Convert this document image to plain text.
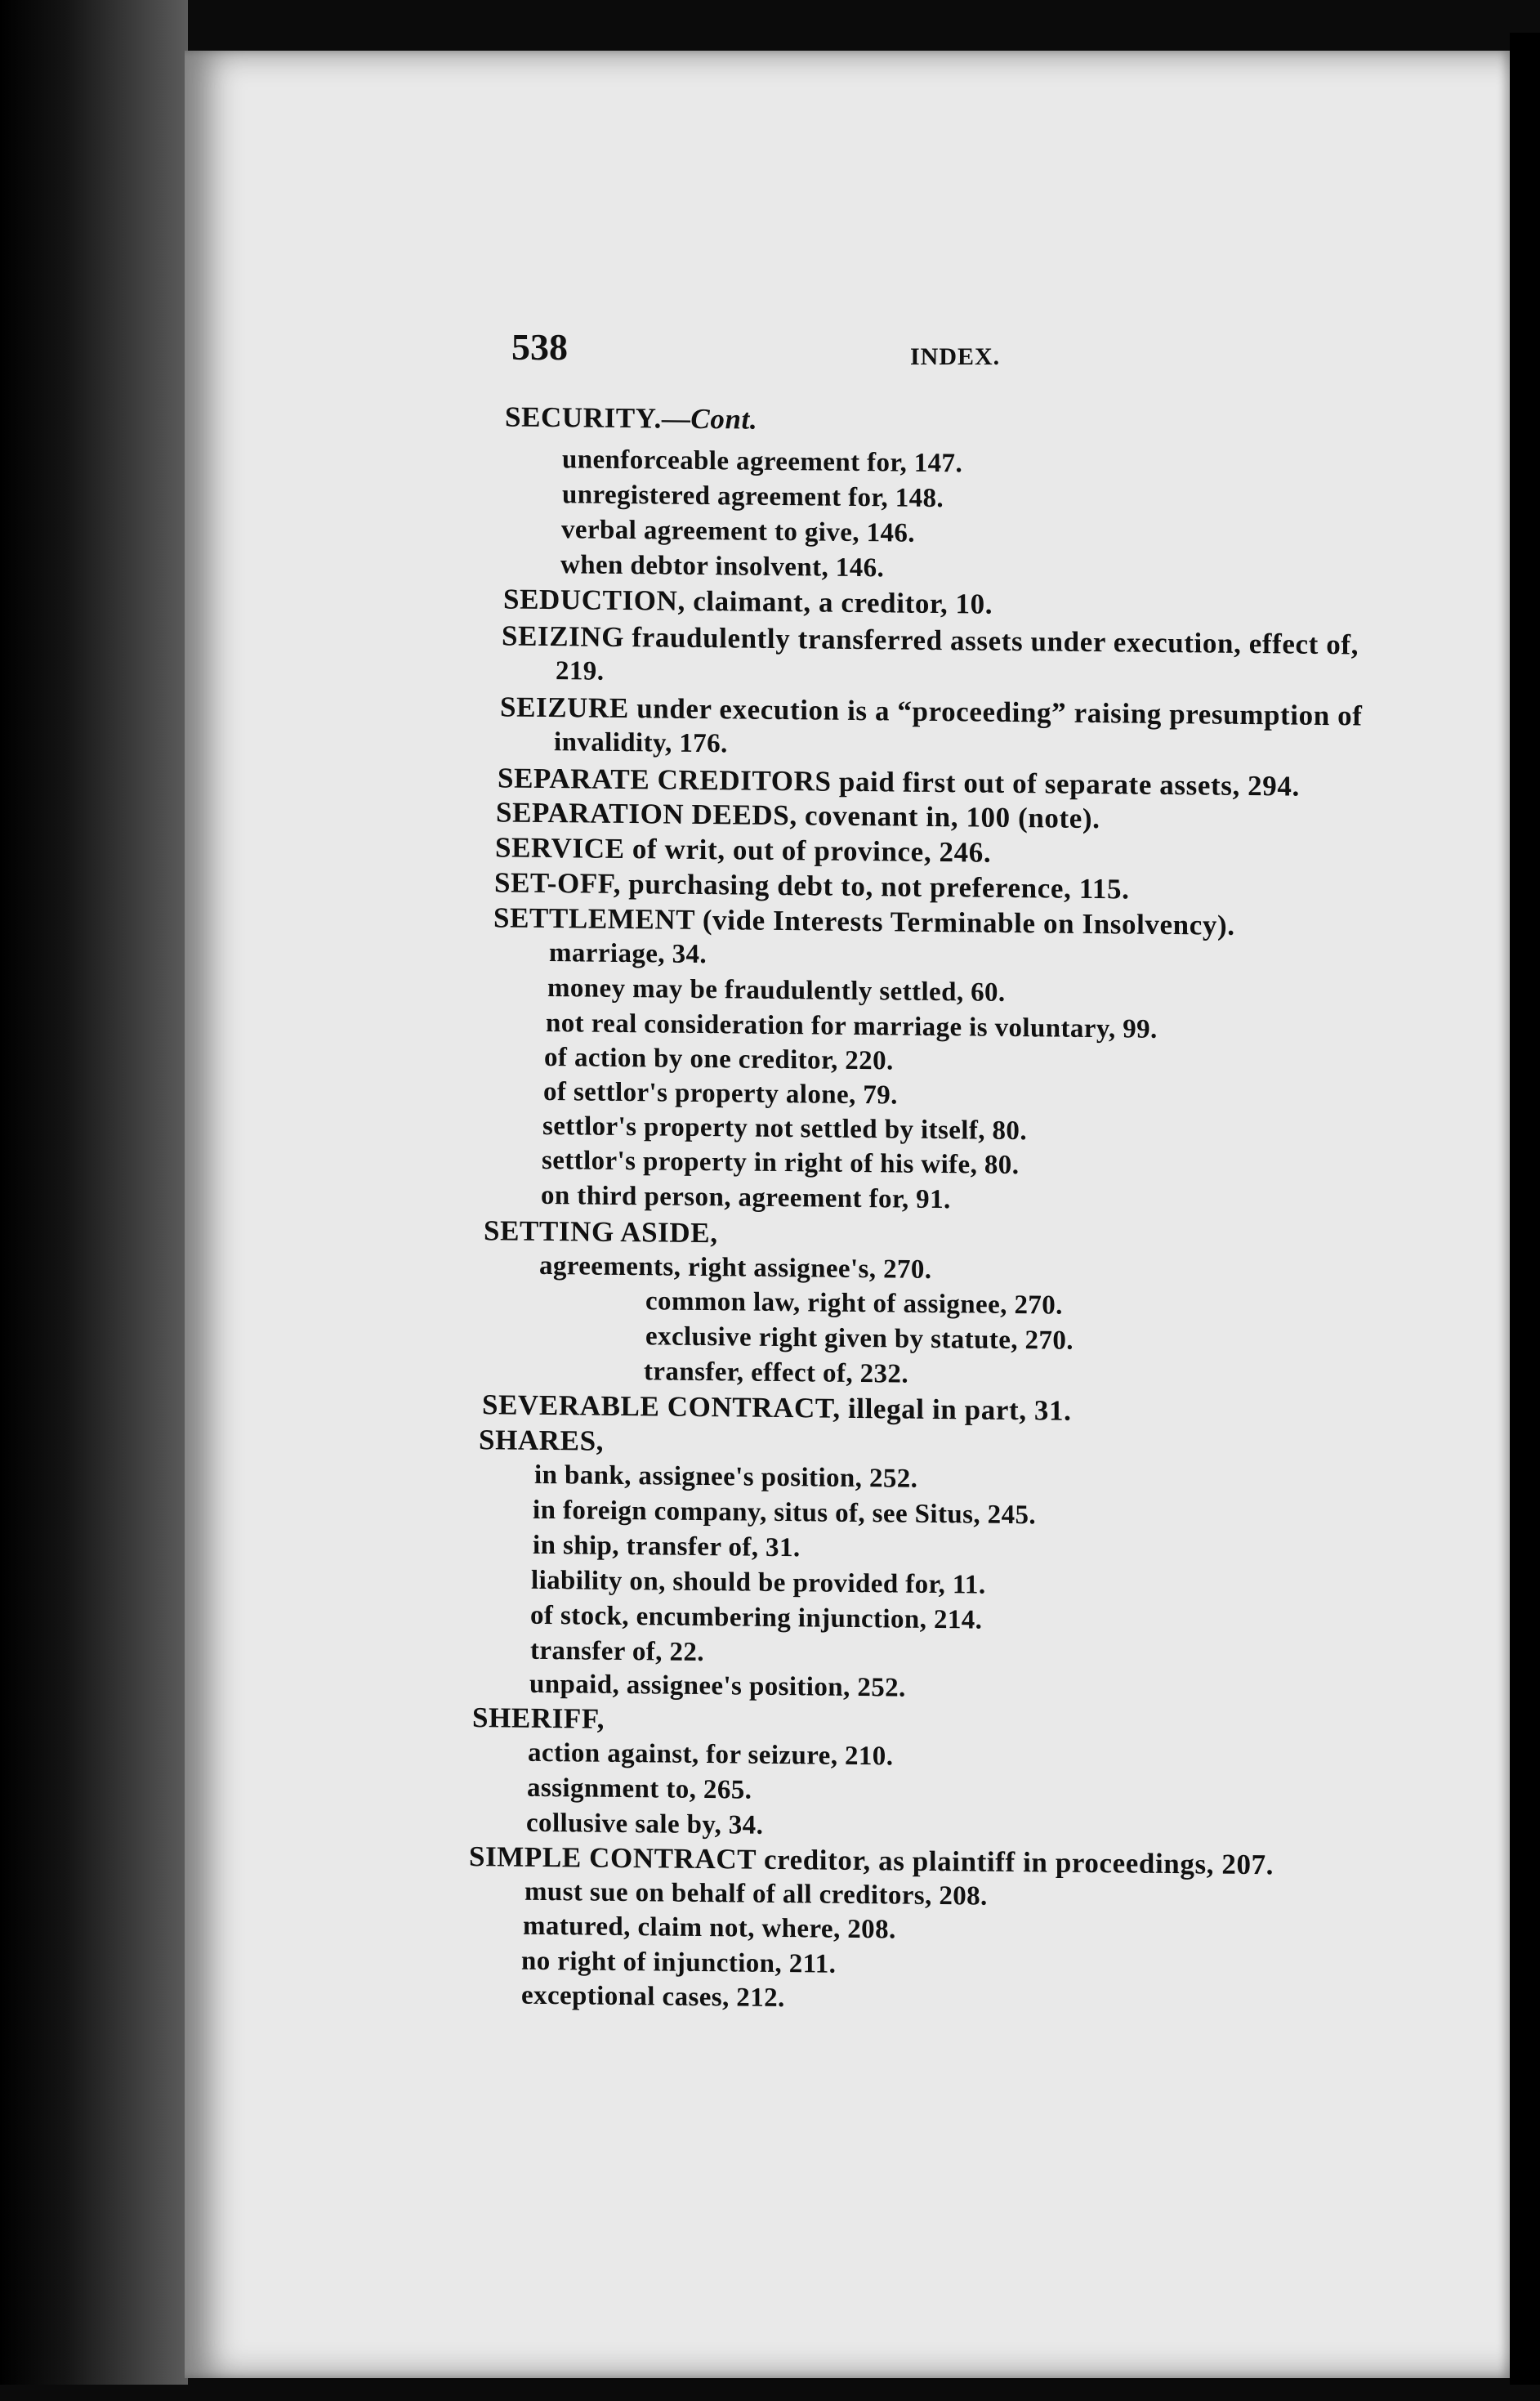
538	INDEX.
SECURITY.—Cont.
unenforceable agreement for, 147.
unregistered agreement for, 148.
verbal agreement to give, 146.
when debtor insolvent, 146.
SEDUCTION, claimant, a creditor, 10.
SEIZING fraudulently transferred assets under execution, effect of,
219.
SEIZURE under execution is a “proceeding” raising presumption of
invalidity, 176.
SEPARATE CREDITORS paid first out of separate assets, 294.
SEPARATION DEEDS, covenant in, 100 (note).
SERVICE of writ, out of province, 246.
SET-OFF, purchasing debt to, not preference, 115.
SETTLEMENT (vide Interests Terminable on Insolvency).
marriage, 34.
money may be fraudulently settled, 60.
not real consideration for marriage is voluntary, 99.
of action by one creditor, 220.
of settlor's property alone, 79.
settlor's property not settled by itself, 80.
settlor's property in right of his wife, 80.
on third person, agreement for, 91.
SETTING ASIDE,
agreements, right assignee's, 270.
common law, right of assignee, 270.
exclusive right given by statute, 270.
transfer, effect of, 232.
SEVERABLE CONTRACT, illegal in part, 31.
SHARES,
in bank, assignee's position, 252.
in foreign company, situs of, see Situs, 245.
in ship, transfer of, 31.
liability on, should be provided for, 11.
of stock, encumbering injunction, 214.
transfer of, 22.
unpaid, assignee's position, 252.
SHERIFF,
action against, for seizure, 210.
assignment to, 265.
collusive sale by, 34.
SIMPLE CONTRACT creditor, as plaintiff in proceedings, 207.
must sue on behalf of all creditors, 208.
matured, claim not, where, 208.
no right of injunction, 211.
exceptional cases, 212.
